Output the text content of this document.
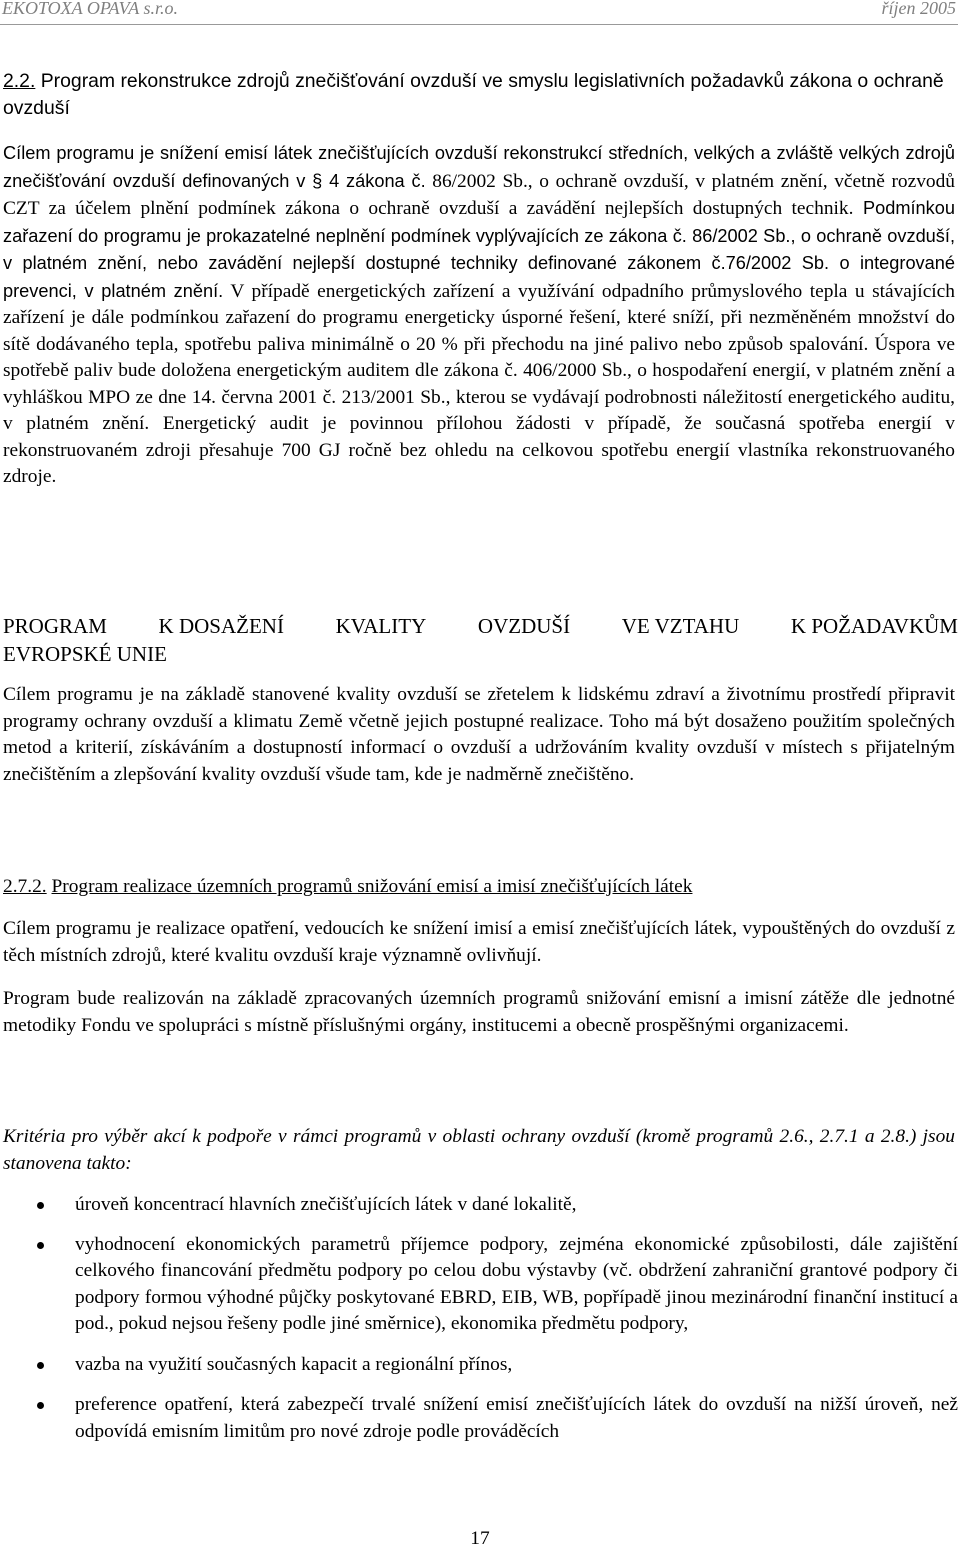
EKOTOXA OPAVA s.r.o.	říjen 2005
2.2. Program rekonstrukce zdrojů znečišťování ovzduší ve smyslu legislativních požadavků zákona o ochraně ovzduší
Cílem programu je snížení emisí látek znečišťujících ovzduší rekonstrukcí středních, velkých a zvláště velkých zdrojů znečišťování ovzduší definovaných v § 4 zákona č. 86/2002 Sb., o ochraně ovzduší, v platném znění, včetně rozvodů CZT za účelem plnění podmínek zákona o ochraně ovzduší a zavádění nejlepších dostupných technik. Podmínkou zařazení do programu je prokazatelné neplnění podmínek vyplývajících ze zákona č. 86/2002 Sb., o ochraně ovzduší, v platném znění, nebo zavádění nejlepší dostupné techniky definované zákonem č.76/2002 Sb. o integrované prevenci, v platném znění. V případě energetických zařízení a využívání odpadního průmyslového tepla u stávajících zařízení je dále podmínkou zařazení do programu energeticky úsporné řešení, které sníží, při nezměněném množství do sítě dodávaného tepla, spotřebu paliva minimálně o 20 % při přechodu na jiné palivo nebo způsob spalování. Úspora ve spotřebě paliv bude doložena energetickým auditem dle zákona č. 406/2000 Sb., o hospodaření energií, v platném znění a vyhláškou MPO ze dne 14. června 2001 č. 213/2001 Sb., kterou se vydávají podrobnosti náležitostí energetického auditu, v platném znění. Energetický audit je povinnou přílohou žádosti v případě, že současná spotřeba energií v rekonstruovaném zdroji přesahuje 700 GJ ročně bez ohledu na celkovou spotřebu energií vlastníka rekonstruovaného zdroje.
PROGRAM K DOSAŽENÍ KVALITY OVZDUŠÍ VE VZTAHU K POŽADAVKŮM
EVROPSKÉ UNIE
Cílem programu je na základě stanovené kvality ovzduší se zřetelem k lidskému zdraví a životnímu prostředí připravit programy ochrany ovzduší a klimatu Země včetně jejich postupné realizace. Toho má být dosaženo použitím společných metod a kriterií, získáváním a dostupností informací o ovzduší a udržováním kvality ovzduší v místech s přijatelným znečištěním a zlepšování kvality ovzduší všude tam, kde je nadměrně znečištěno.
2.7.2. Program realizace územních programů snižování emisí a imisí znečišťujících látek
Cílem programu je realizace opatření, vedoucích ke snížení imisí a emisí znečišťujících látek, vypouštěných do ovzduší z těch místních zdrojů, které kvalitu ovzduší kraje významně ovlivňují.
Program bude realizován na základě zpracovaných územních programů snižování emisní a imisní zátěže dle jednotné metodiky Fondu ve spolupráci s místně příslušnými orgány, institucemi a obecně prospěšnými organizacemi.
Kritéria pro výběr akcí k podpoře v rámci programů v oblasti ochrany ovzduší (kromě programů 2.6., 2.7.1 a 2.8.) jsou stanovena takto:
úroveň koncentrací hlavních znečišťujících látek v dané lokalitě,
vyhodnocení ekonomických parametrů příjemce podpory, zejména ekonomické způsobilosti, dále zajištění celkového financování předmětu podpory po celou dobu výstavby (vč. obdržení zahraniční grantové podpory či podpory formou výhodné půjčky poskytované EBRD, EIB, WB, popřípadě jinou mezinárodní finanční institucí a pod., pokud nejsou řešeny podle jiné směrnice), ekonomika předmětu podpory,
vazba na využití současných kapacit a regionální přínos,
preference opatření, která zabezpečí trvalé snížení emisí znečišťujících látek do ovzduší na nižší úroveň, než odpovídá emisním limitům pro nové zdroje podle prováděcích
17
